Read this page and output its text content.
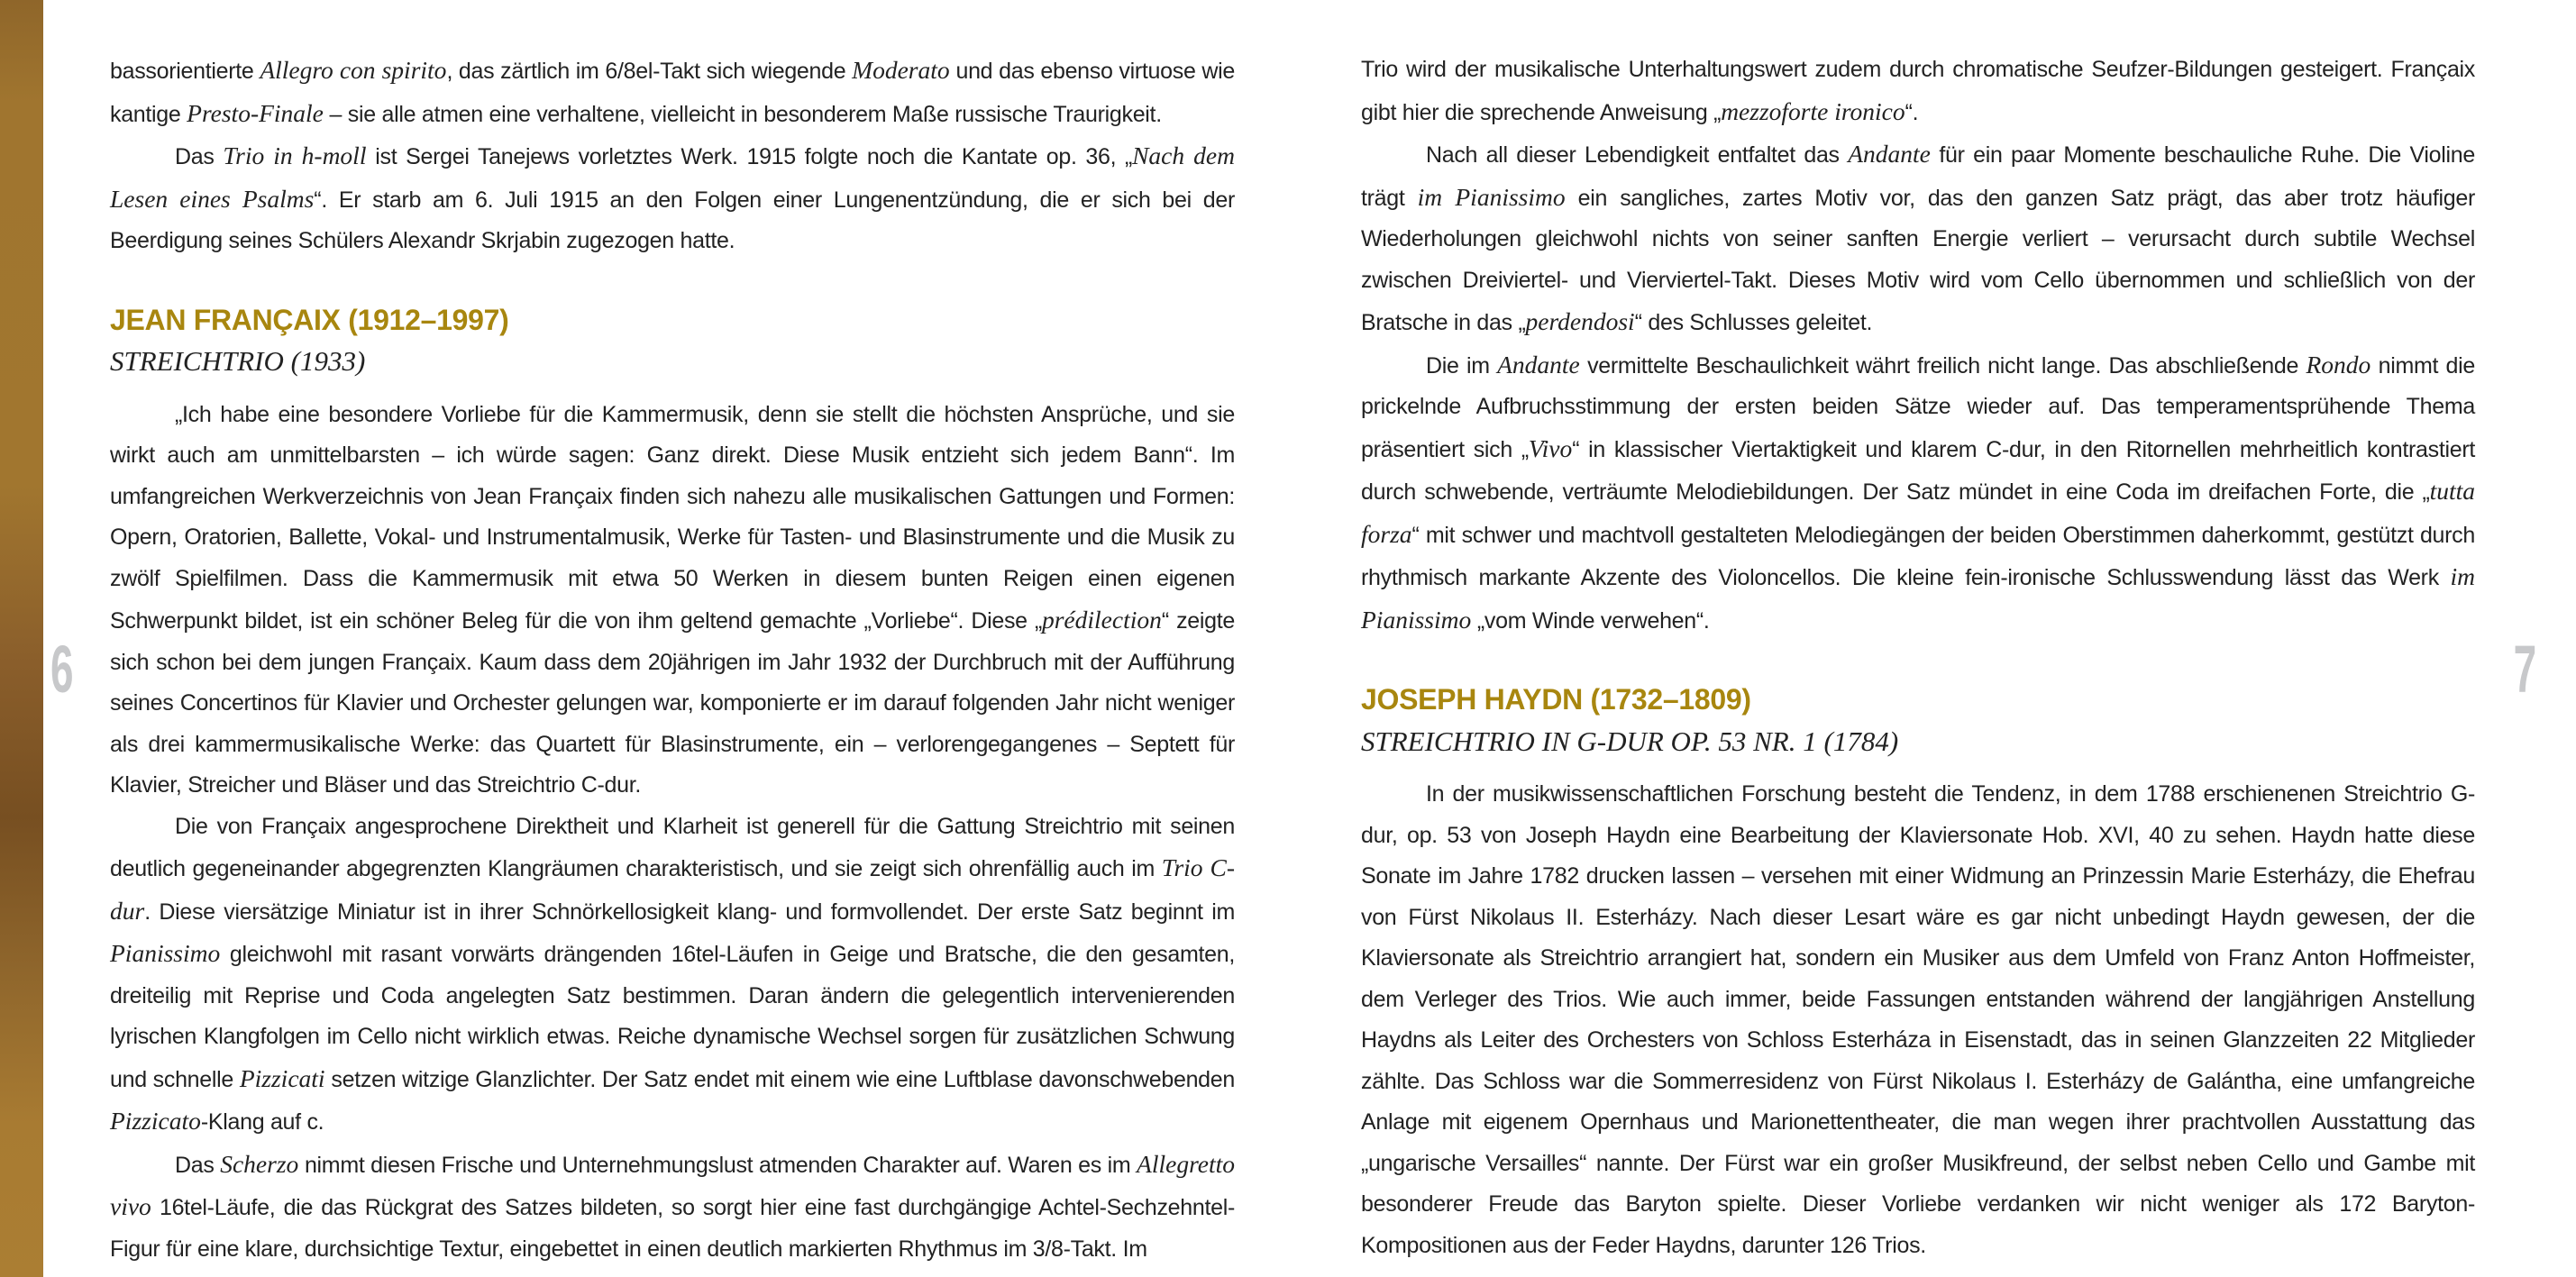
6	7

bassorientierte Allegro con spirito, das zärtlich im 6/8el-Takt sich wiegende Moderato und das ebenso virtuose wie kantige Presto-Finale – sie alle atmen eine verhaltene, vielleicht in besonderem Maße russische Traurigkeit.

Das Trio in h-moll ist Sergei Tanejews vorletztes Werk. 1915 folgte noch die Kantate op. 36, „Nach dem Lesen eines Psalms“. Er starb am 6. Juli 1915 an den Folgen einer Lungenentzündung, die er sich bei der Beerdigung seines Schülers Alexandr Skrjabin zugezogen hatte.

JEAN FRANÇAIX (1912–1997)
STREICHTRIO (1933)

„Ich habe eine besondere Vorliebe für die Kammermusik, denn sie stellt die höchsten Ansprüche, und sie wirkt auch am unmittelbarsten – ich würde sagen: Ganz direkt. Diese Musik entzieht sich jedem Bann“. Im umfangreichen Werkverzeichnis von Jean Françaix finden sich nahezu alle musikalischen Gattungen und Formen: Opern, Oratorien, Ballette, Vokal- und Instrumentalmusik, Werke für Tasten- und Blasinstrumente und die Musik zu zwölf Spielfilmen. Dass die Kammermusik mit etwa 50 Werken in diesem bunten Reigen einen eigenen Schwerpunkt bildet, ist ein schöner Beleg für die von ihm geltend gemachte „Vorliebe“. Diese „prédilection“ zeigte sich schon bei dem jungen Françaix. Kaum dass dem 20jährigen im Jahr 1932 der Durchbruch mit der Aufführung seines Concertinos für Klavier und Orchester gelungen war, komponierte er im darauf folgenden Jahr nicht weniger als drei kammermusikalische Werke: das Quartett für Blasinstrumente, ein – verlorengegangenes – Septett für Klavier, Streicher und Bläser und das Streichtrio C-dur.

Die von Françaix angesprochene Direktheit und Klarheit ist generell für die Gattung Streichtrio mit seinen deutlich gegeneinander abgegrenzten Klangräumen charakteristisch, und sie zeigt sich ohrenfällig auch im Trio C-dur. Diese viersätzige Miniatur ist in ihrer Schnörkellosigkeit klang- und formvollendet. Der erste Satz beginnt im Pianissimo gleichwohl mit rasant vorwärts drängenden 16tel-Läufen in Geige und Bratsche, die den gesamten, dreiteilig mit Reprise und Coda angelegten Satz bestimmen. Daran ändern die gelegentlich intervenierenden lyrischen Klangfolgen im Cello nicht wirklich etwas. Reiche dynamische Wechsel sorgen für zusätzlichen Schwung und schnelle Pizzicati setzen witzige Glanzlichter. Der Satz endet mit einem wie eine Luftblase davonschwebenden Pizzicato-Klang auf c.

Das Scherzo nimmt diesen Frische und Unternehmungslust atmenden Charakter auf. Waren es im Allegretto vivo 16tel-Läufe, die das Rückgrat des Satzes bildeten, so sorgt hier eine fast durchgängige Achtel-Sechzehntel-Figur für eine klare, durchsichtige Textur, eingebettet in einen deutlich markierten Rhythmus im 3/8-Takt. Im

Trio wird der musikalische Unterhaltungswert zudem durch chromatische Seufzer-Bildungen gesteigert. Françaix gibt hier die sprechende Anweisung „mezzoforte ironico“.

Nach all dieser Lebendigkeit entfaltet das Andante für ein paar Momente beschauliche Ruhe. Die Violine trägt im Pianissimo ein sangliches, zartes Motiv vor, das den ganzen Satz prägt, das aber trotz häufiger Wiederholungen gleichwohl nichts von seiner sanften Energie verliert – verursacht durch subtile Wechsel zwischen Dreiviertel- und Vierviertel-Takt. Dieses Motiv wird vom Cello übernommen und schließlich von der Bratsche in das „perdendosi“ des Schlusses geleitet.

Die im Andante vermittelte Beschaulichkeit währt freilich nicht lange. Das abschließende Rondo nimmt die prickelnde Aufbruchsstimmung der ersten beiden Sätze wieder auf. Das temperamentsprühende Thema präsentiert sich „Vivo“ in klassischer Viertaktigkeit und klarem C-dur, in den Ritornellen mehrheitlich kontrastiert durch schwebende, verträumte Melodiebildungen. Der Satz mündet in eine Coda im dreifachen Forte, die „tutta forza“ mit schwer und machtvoll gestalteten Melodiegängen der beiden Oberstimmen daherkommt, gestützt durch rhythmisch markante Akzente des Violoncellos. Die kleine fein-ironische Schlusswendung lässt das Werk im Pianissimo „vom Winde verwehen“.

JOSEPH HAYDN (1732–1809)
STREICHTRIO IN G-DUR OP. 53 NR. 1 (1784)

In der musikwissenschaftlichen Forschung besteht die Tendenz, in dem 1788 erschienenen Streichtrio G-dur, op. 53 von Joseph Haydn eine Bearbeitung der Klaviersonate Hob. XVI, 40 zu sehen. Haydn hatte diese Sonate im Jahre 1782 drucken lassen – versehen mit einer Widmung an Prinzessin Marie Esterházy, die Ehefrau von Fürst Nikolaus II. Esterházy. Nach dieser Lesart wäre es gar nicht unbedingt Haydn gewesen, der die Klaviersonate als Streichtrio arrangiert hat, sondern ein Musiker aus dem Umfeld von Franz Anton Hoffmeister, dem Verleger des Trios. Wie auch immer, beide Fassungen entstanden während der langjährigen Anstellung Haydns als Leiter des Orchesters von Schloss Esterháza in Eisenstadt, das in seinen Glanzzeiten 22 Mitglieder zählte. Das Schloss war die Sommerresidenz von Fürst Nikolaus I. Esterházy de Galántha, eine umfangreiche Anlage mit eigenem Opernhaus und Marionettentheater, die man wegen ihrer prachtvollen Ausstattung das „ungarische Versailles“ nannte. Der Fürst war ein großer Musikfreund, der selbst neben Cello und Gambe mit besonderer Freude das Baryton spielte. Dieser Vorliebe verdanken wir nicht weniger als 172 Baryton-Kompositionen aus der Feder Haydns, darunter 126 Trios.
